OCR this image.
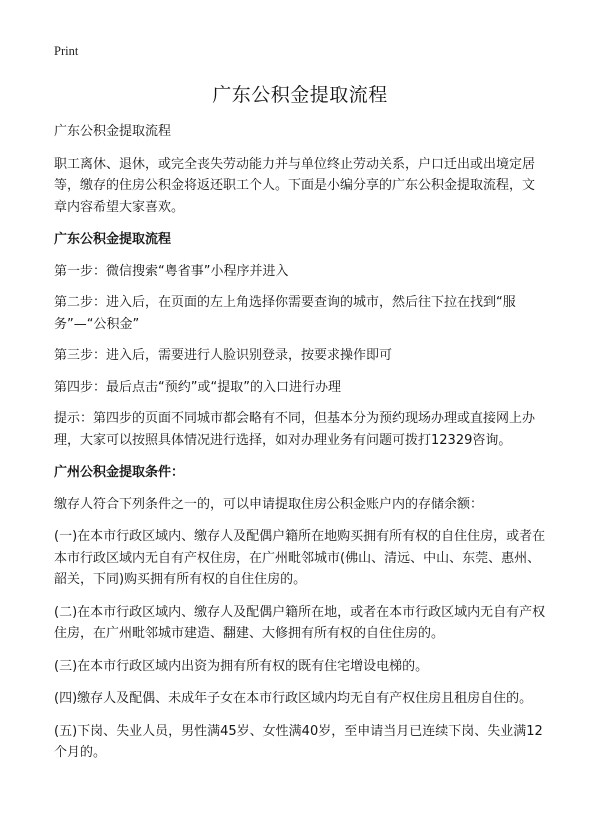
Print
广东公积金提取流程

广东公积金提取流程

职工离休、退休，或完全丧失劳动能力并与单位终止劳动关系，户口迁出或出境定居等，缴存的住房公积金将返还职工个人。下面是小编分享的广东公积金提取流程，文章内容希望大家喜欢。

广东公积金提取流程

第一步：微信搜索“粤省事”小程序并进入

第二步：进入后，在页面的左上角选择你需要查询的城市，然后往下拉在找到“服务”—“公积金”

第三步：进入后，需要进行人脸识别登录，按要求操作即可

第四步：最后点击“预约”或“提取”的入口进行办理

提示：第四步的页面不同城市都会略有不同，但基本分为预约现场办理或直接网上办理，大家可以按照具体情况进行选择，如对办理业务有问题可拨打12329咨询。

广州公积金提取条件：

缴存人符合下列条件之一的，可以申请提取住房公积金账户内的存储余额：

(一)在本市行政区域内、缴存人及配偶户籍所在地购买拥有所有权的自住住房，或者在本市行政区域内无自有产权住房，在广州毗邻城市(佛山、清远、中山、东莞、惠州、韶关，下同)购买拥有所有权的自住住房的。

(二)在本市行政区域内、缴存人及配偶户籍所在地，或者在本市行政区域内无自有产权住房，在广州毗邻城市建造、翻建、大修拥有所有权的自住住房的。

(三)在本市行政区域内出资为拥有所有权的既有住宅增设电梯的。

(四)缴存人及配偶、未成年子女在本市行政区域内均无自有产权住房且租房自住的。

(五)下岗、失业人员，男性满45岁、女性满40岁，至申请当月已连续下岗、失业满12个月的。
